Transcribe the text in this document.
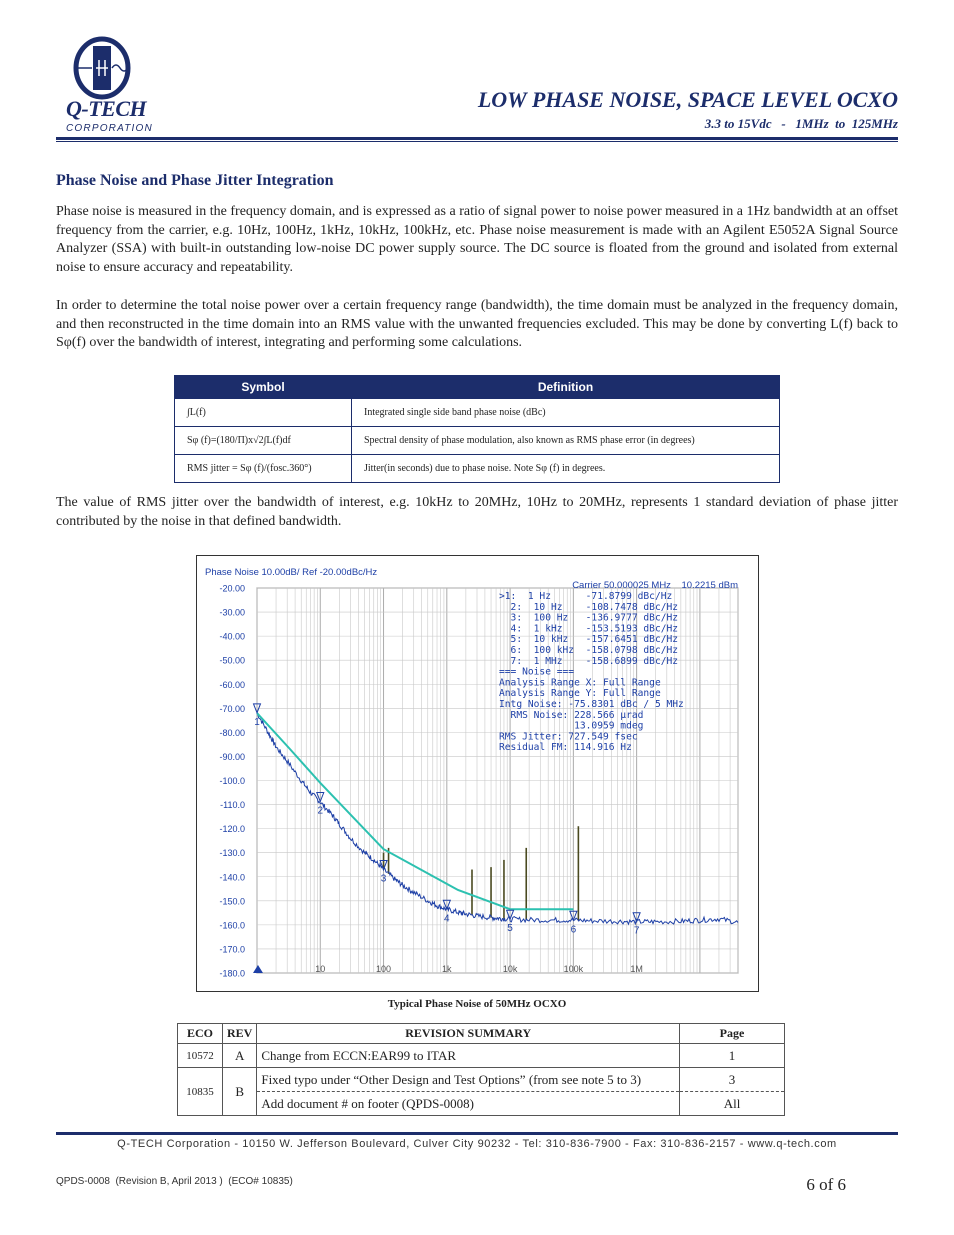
Q-TECH
CORPORATION
LOW PHASE NOISE, SPACE LEVEL OCXO
3.3 to 15Vdc   -   1MHz  to  125MHz
Phase Noise and Phase Jitter Integration
Phase noise is measured in the frequency domain, and is expressed as a ratio of signal power to noise power measured in a 1Hz bandwidth at an offset frequency from the carrier, e.g. 10Hz, 100Hz, 1kHz, 10kHz, 100kHz, etc. Phase noise measurement is made with an Agilent E5052A Signal Source Analyzer (SSA) with built-in outstanding low-noise DC power supply source. The DC source is floated from the ground and isolated from external noise to ensure accuracy and repeatability.
In order to determine the total noise power over a certain frequency range (bandwidth), the time domain must be analyzed in the frequency domain, and then reconstructed in the time domain into an RMS value with the unwanted frequencies excluded. This may be done by converting L(f) back to Sφ(f) over the bandwidth of interest, integrating and performing some calculations.
Symbol	Definition
∫L(f)	Integrated single side band phase noise (dBc)
Sφ (f)=(180/Π)x√2∫L(f)df	Spectral density of phase modulation, also known as RMS phase error (in degrees)
RMS jitter = Sφ (f)/(fosc.360°)	Jitter(in seconds) due to phase noise. Note Sφ (f) in degrees.
The value of RMS jitter over the bandwidth of interest, e.g. 10kHz to 20MHz, 10Hz to 20MHz, represents 1 standard deviation of phase jitter contributed by the noise in that defined bandwidth.
-20.00
-30.00
-40.00
-50.00
-60.00
-70.00
-80.00
-90.00
-100.0
-110.0
-120.0
-130.0
-140.0
-150.0
-160.0
-170.0
-180.0	10	100	1k	10k	100k	1M
1
2
3
4
5	6	7
Phase Noise 10.00dB/ Ref -20.00dBc/Hz
Carrier 50.000025 MHz    10.2215 dBm
>1:  1 Hz      -71.8799 dBc/Hz
2:  10 Hz    -108.7478 dBc/Hz
3:  100 Hz   -136.9777 dBc/Hz
4:  1 kHz    -153.5193 dBc/Hz
5:  10 kHz   -157.6451 dBc/Hz
6:  100 kHz  -158.0798 dBc/Hz
7:  1 MHz    -158.6899 dBc/Hz
=== Noise ===
Analysis Range X: Full Range
Analysis Range Y: Full Range
Intg Noise: -75.8301 dBc / 5 MHz
RMS Noise: 228.566 µrad
13.0959 mdeg
RMS Jitter: 727.549 fsec
Residual FM: 114.916 Hz
Typical Phase Noise of 50MHz OCXO
ECO	REV	REVISION SUMMARY	Page
10572	A	Change from ECCN:EAR99 to ITAR	1
10835	B	Fixed typo under “Other Design and Test Options” (from see note 5 to 3)	3
		Add document # on footer (QPDS-0008)	All
Q-TECH Corporation - 10150 W. Jefferson Boulevard, Culver City 90232 - Tel: 310-836-7900 - Fax: 310-836-2157 - www.q-tech.com
QPDS-0008  (Revision B, April 2013 )  (ECO# 10835)	6 of 6
